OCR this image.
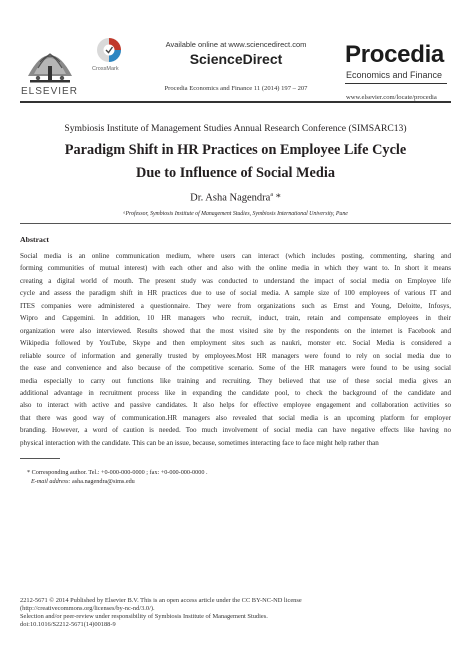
ELSEVIER
CrossMark
Available online at www.sciencedirect.com
ScienceDirect
Procedia Economics and Finance 11 (2014) 197 – 207
Procedia
Economics and Finance
www.elsevier.com/locate/procedia
Symbiosis Institute of Management Studies Annual Research Conference (SIMSARC13)
Paradigm Shift in HR Practices on Employee Life Cycle
Due to Influence of Social Media
Dr. Asha Nagendra$^a$ *
ᵃProfessor, Symbiosis Institute of Management Studies, Symbiosis International University, Pune
Abstract
Social media is an online communication medium, where users can interact (which includes posting, commenting, sharing and
forming communities of mutual interest) with each other and also with the online media in which they want to. In short it means
creating a digital world of mouth. The present study was conducted to understand the impact of social media on Employee life
cycle and assess the paradigm shift in HR practices due to use of social media. A sample size of 100 employees of various IT and
ITES companies were administered a questionnaire. They were from organizations such as Ernst and Young, Deloitte, Infosys,
Wipro and Capgemini. In addition, 10 HR managers who recruit, induct, train, retain and compensate employees in their
organization were also interviewed. Results showed that the most visited site by the respondents on the internet is Facebook and
Wikipedia followed by YouTube, Skype and then employment sites such as naukri, monster etc. Social Media is considered a
reliable source of information and generally trusted by employees.Most HR managers were found to rely on social media due to
the ease and convenience and also because of the competitive scenario. Some of the HR managers were found to be using social
media especially to carry out functions like training and recruiting. They believed that use of these social media gives an
additional advantage in recruitment process like in expanding the candidate pool, to check the background of the candidate and
also to interact with active and passive candidates. It also helps for effective employee engagement and collaboration activities so
that there was good way of communication.HR managers also revealed that social media is an upcoming platform for employer
branding. However, a word of caution is needed. Too much involvement of social media can have negative effects like having no
physical interaction with the candidate. This can be an issue, because, sometimes interacting face to face might help rather than
* Corresponding author. Tel.: +0-000-000-0000 ; fax: +0-000-000-0000 .
E-mail address: asha.nagendra@sims.edu
2212-5671 © 2014 Published by Elsevier B.V. This is an open access article under the CC BY-NC-ND license
(http://creativecommons.org/licenses/by-nc-nd/3.0/).
Selection and/or peer-review under responsibility of Symbiosis Institute of Management Studies.
doi:10.1016/S2212-5671(14)00188-9
